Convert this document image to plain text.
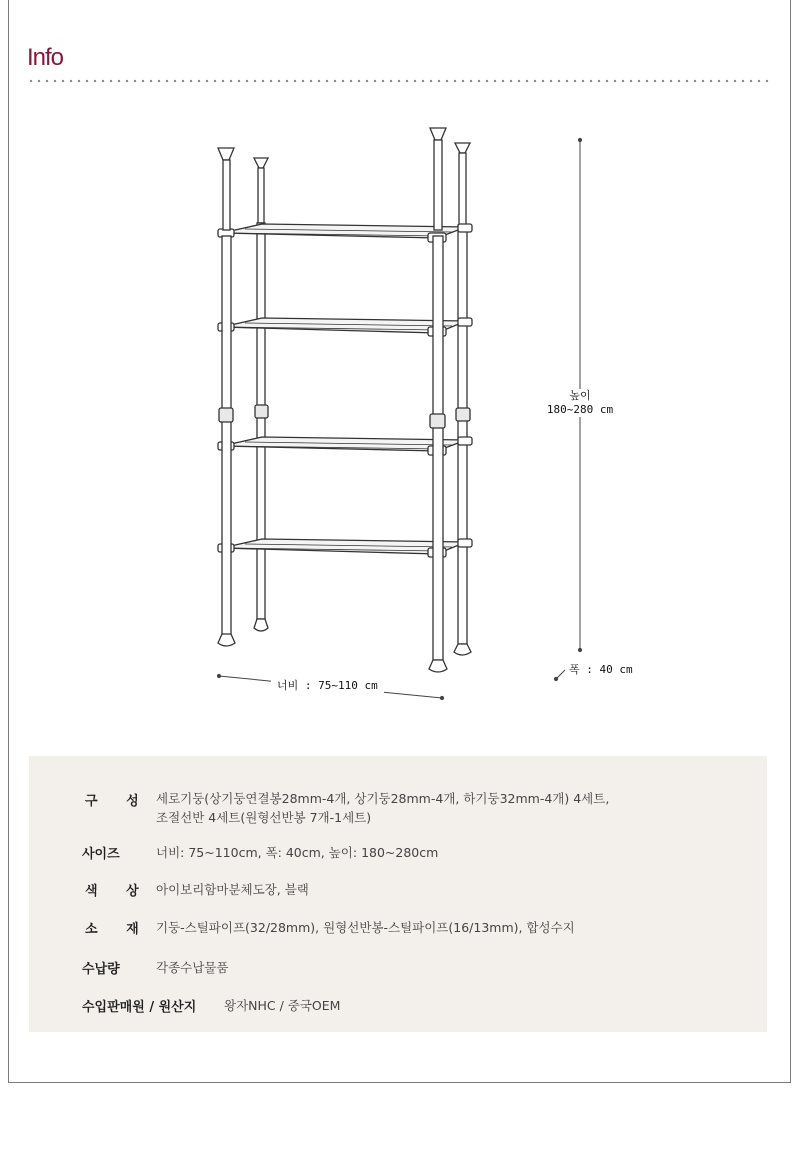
Info
높이
180~280 cm
너비 : 75~110 cm
폭 : 40 cm
구 성 세로기둥(상기둥연결봉28mm-4개, 상기둥28mm-4개, 하기둥32mm-4개) 4세트,
조절선반 4세트(원형선반봉 7개-1세트)
사이즈	너비: 75~110cm, 폭: 40cm, 높이: 180~280cm
색 상 아이보리함마분체도장, 블랙
소 재 기둥-스틸파이프(32/28mm), 원형선반봉-스틸파이프(16/13mm), 합성수지
수납량	각종수납물품
수입판매원 / 원산지 왕자NHC / 중국OEM
